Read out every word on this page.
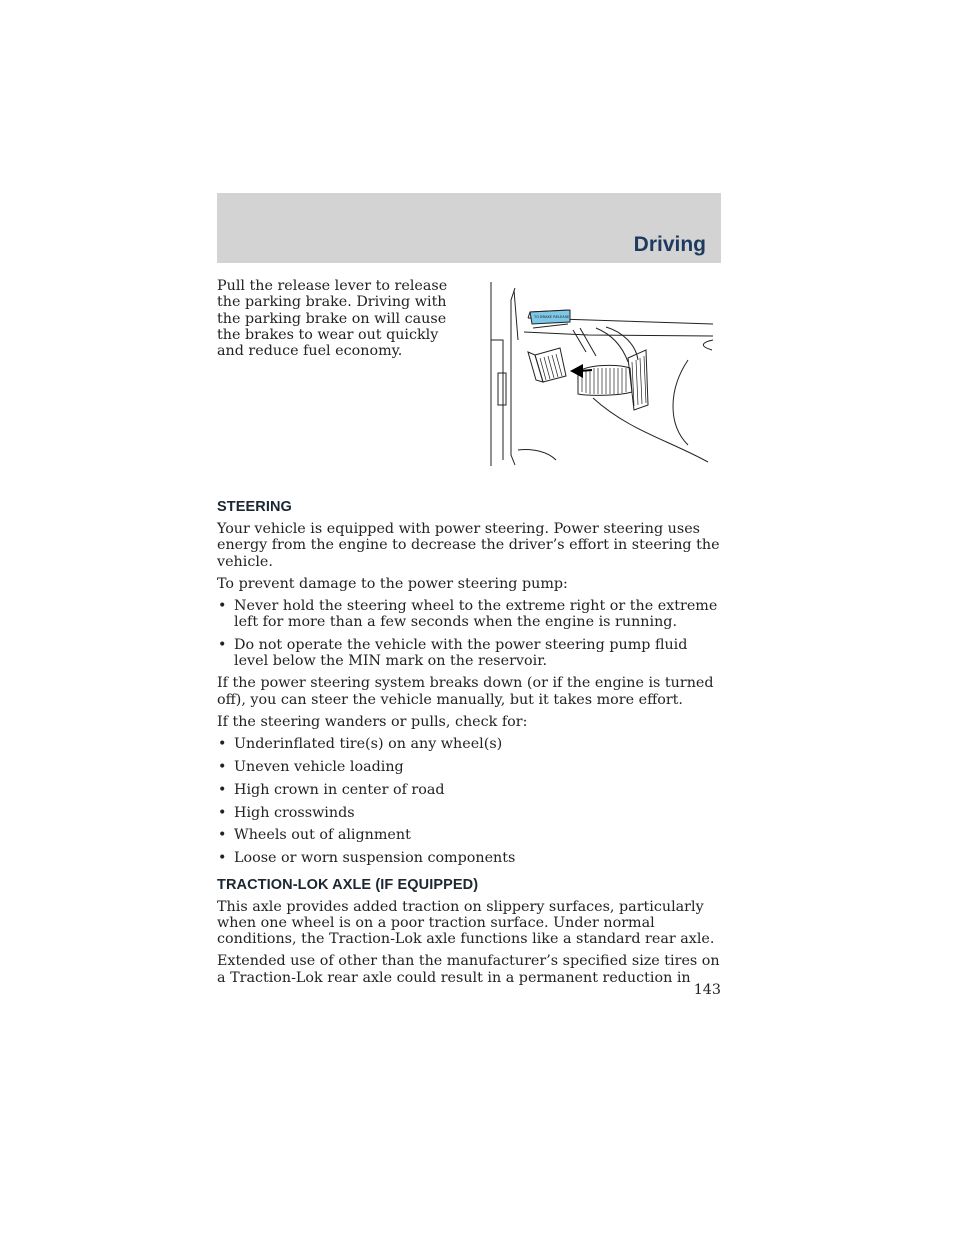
Driving
Pull the release lever to release the parking brake. Driving with the parking brake on will cause the brakes to wear out quickly and reduce fuel economy.
TO BRAKE RELEASE
STEERING
Your vehicle is equipped with power steering. Power steering uses energy from the engine to decrease the driver’s effort in steering the vehicle.
To prevent damage to the power steering pump:
• Never hold the steering wheel to the extreme right or the extreme left for more than a few seconds when the engine is running.
• Do not operate the vehicle with the power steering pump fluid level below the MIN mark on the reservoir.
If the power steering system breaks down (or if the engine is turned off), you can steer the vehicle manually, but it takes more effort.
If the steering wanders or pulls, check for:
• Underinflated tire(s) on any wheel(s)
• Uneven vehicle loading
• High crown in center of road
• High crosswinds
• Wheels out of alignment
• Loose or worn suspension components
TRACTION-LOK AXLE (IF EQUIPPED)
This axle provides added traction on slippery surfaces, particularly when one wheel is on a poor traction surface. Under normal conditions, the Traction-Lok axle functions like a standard rear axle.
Extended use of other than the manufacturer’s specified size tires on a Traction-Lok rear axle could result in a permanent reduction in
143
